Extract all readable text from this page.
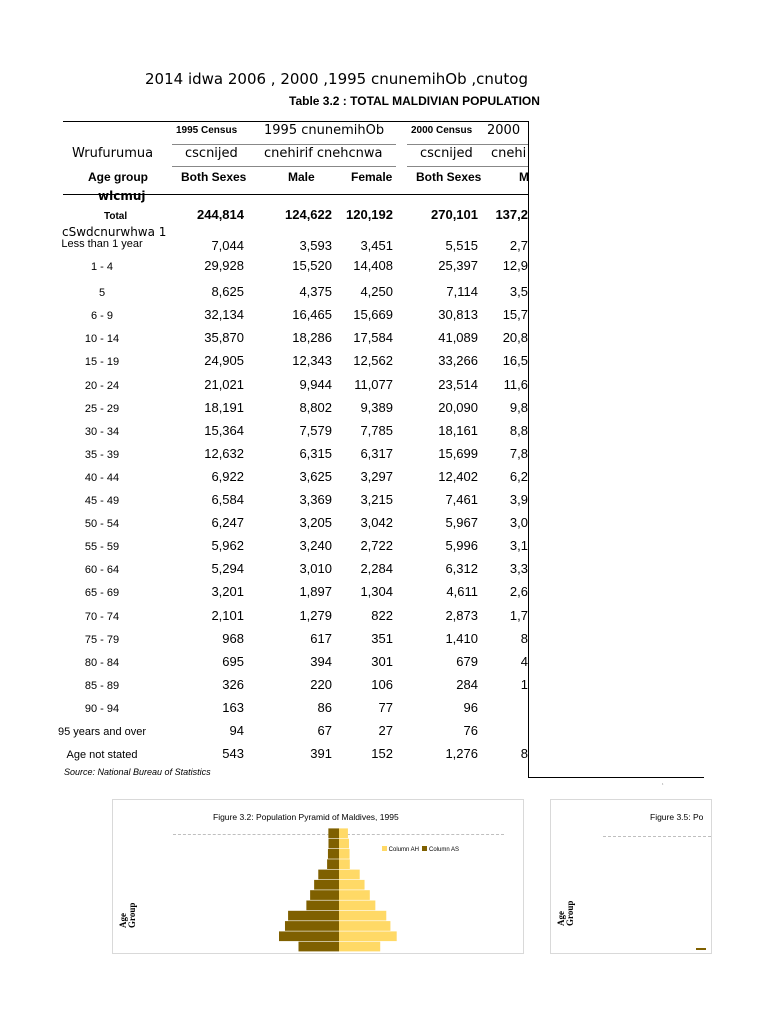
2014 idwa 2006 , 2000 ,1995 cnunemihOb ,cnutog
Table 3.2 : TOTAL MALDIVIAN POPULATION
1995 Census 1995 cnunemihOb	2000 Census 2000
Wrufurumua cscnijed cnehirif cnehcnwa	cscnijed cnehi
Age group	Both Sexes	Male	Female Both Sexes	M
wlcmuj
Total	244,814	124,622 120,192	270,101 137,2
cSwdcnurwhwa 1
Less than 1 year	7,044	3,593 3,451	5,515 2,7
1 - 4	29,928	15,520 14,408	25,397 12,9
5	8,625	4,375 4,250	7,114 3,5
6 - 9	32,134	16,465 15,669	30,813 15,7
10 - 14	35,870	18,286 17,584	41,089 20,8
15 - 19	24,905	12,343 12,562	33,266 16,5
20 - 24	21,021	9,944 11,077	23,514 11,6
25 - 29	18,191	8,802 9,389	20,090 9,8
30 - 34	15,364	7,579 7,785	18,161 8,8
35 - 39	12,632	6,315 6,317	15,699 7,8
40 - 44	6,922	3,625 3,297	12,402 6,2
45 - 49	6,584	3,369 3,215	7,461 3,9
50 - 54	6,247	3,205 3,042	5,967 3,0
55 - 59	5,962	3,240 2,722	5,996 3,1
60 - 64	5,294	3,010 2,284	6,312 3,3
65 - 69	3,201	1,897 1,304	4,611 2,6
70 - 74	2,101	1,279	822	2,873 1,7
75 - 79	968	617	351	1,410	8
80 - 84	695	394	301	679	4
85 - 89	326	220	106	284	1
90 - 94	163	86	77	96
95 years and over	94	67	27	76
Age not stated	543	391	152	1,276	8
Source: National Bureau of Statistics
‘
Figure 3.2: Population Pyramid of Maldives, 1995
Column AH Column AS
Age Group
Figure 3.5: Po
Age Group
